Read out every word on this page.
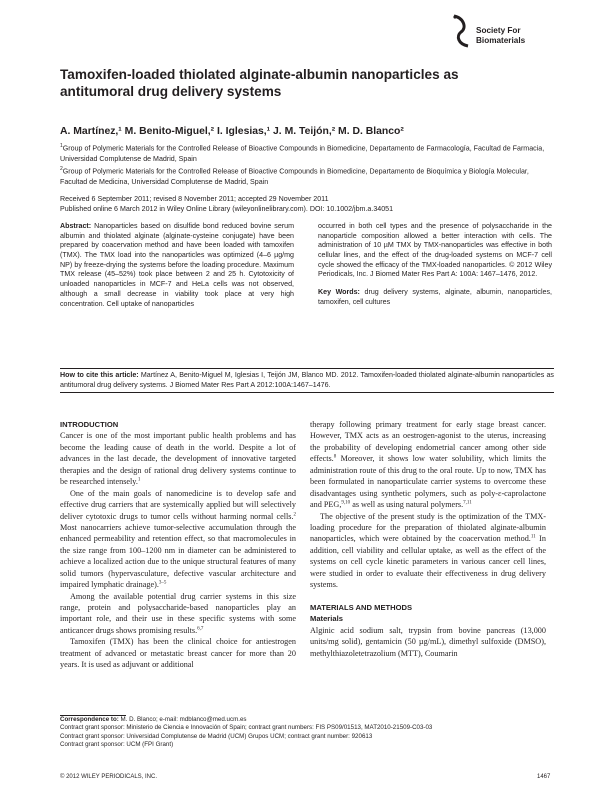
Society For
Biomaterials
Tamoxifen-loaded thiolated alginate-albumin nanoparticles as antitumoral drug delivery systems
A. Martínez,¹ M. Benito-Miguel,² I. Iglesias,¹ J. M. Teijón,² M. D. Blanco²
$^1$Group of Polymeric Materials for the Controlled Release of Bioactive Compounds in Biomedicine, Departamento de Farmacología, Facultad de Farmacia, Universidad Complutense de Madrid, Spain
$^2$Group of Polymeric Materials for the Controlled Release of Bioactive Compounds in Biomedicine, Departamento de Bioquímica y Biología Molecular, Facultad de Medicina, Universidad Complutense de Madrid, Spain
Received 6 September 2011; revised 8 November 2011; accepted 29 November 2011
Published online 6 March 2012 in Wiley Online Library (wileyonlinelibrary.com). DOI: 10.1002/jbm.a.34051
Abstract: Nanoparticles based on disulfide bond reduced bovine serum albumin and thiolated alginate (alginate-cysteine conjugate) have been prepared by coacervation method and have been loaded with tamoxifen (TMX). The TMX load into the nanoparticles was optimized (4–6 µg/mg NP) by freeze-drying the systems before the loading procedure. Maximum TMX release (45–52%) took place between 2 and 25 h. Cytotoxicity of unloaded nanoparticles in MCF-7 and HeLa cells was not observed, although a small decrease in viability took place at very high concentration. Cell uptake of nanoparticles
occurred in both cell types and the presence of polysaccharide in the nanoparticle composition allowed a better interaction with cells. The administration of 10 µM TMX by TMX-nanoparticles was effective in both cellular lines, and the effect of the drug-loaded systems on MCF-7 cell cycle showed the efficacy of the TMX-loaded nanoparticles. © 2012 Wiley Periodicals, Inc. J Biomed Mater Res Part A: 100A: 1467–1476, 2012.
Key Words: drug delivery systems, alginate, albumin, nanoparticles, tamoxifen, cell cultures
How to cite this article: Martínez A, Benito-Miguel M, Iglesias I, Teijón JM, Blanco MD. 2012. Tamoxifen-loaded thiolated alginate-albumin nanoparticles as antitumoral drug delivery systems. J Biomed Mater Res Part A 2012:100A:1467–1476.

INTRODUCTION

Cancer is one of the most important public health problems and has become the leading cause of death in the world. Despite a lot of advances in the last decade, the development of innovative targeted therapies and the design of rational drug delivery systems continue to be researched intensely.$^1$

One of the main goals of nanomedicine is to develop safe and effective drug carriers that are systemically applied but will selectively deliver cytotoxic drugs to tumor cells without harming normal cells.$^2$ Most nanocarriers achieve tumor-selective accumulation through the enhanced permeability and retention effect, so that macromolecules in the size range from 100–1200 nm in diameter can be administered to achieve a localized action due to the unique structural features of many solid tumors (hypervasculature, defective vascular architecture and impaired lymphatic drainage).$^{3-5}$

Among the available potential drug carrier systems in this size range, protein and polysaccharide-based nanoparticles play an important role, and their use in these specific systems with some anticancer drugs shows promising results.$^{6,7}$

Tamoxifen (TMX) has been the clinical choice for antiestrogen treatment of advanced or metastatic breast cancer for more than 20 years. It is used as adjuvant or additional

therapy following primary treatment for early stage breast cancer. However, TMX acts as an oestrogen-agonist to the uterus, increasing the probability of developing endometrial cancer among other side effects.$^8$ Moreover, it shows low water solubility, which limits the administration route of this drug to the oral route. Up to now, TMX has been formulated in nanoparticulate carrier systems to overcome these disadvantages using synthetic polymers, such as poly-ε-caprolactone and PEG,$^{9,10}$ as well as using natural polymers.$^{7,11}$

The objective of the present study is the optimization of the TMX-loading procedure for the preparation of thiolated alginate-albumin nanoparticles, which were obtained by the coacervation method.$^{11}$ In addition, cell viability and cellular uptake, as well as the effect of the systems on cell cycle kinetic parameters in various cancer cell lines, were studied in order to evaluate their effectiveness in drug delivery systems.

MATERIALS AND METHODS

Materials

Alginic acid sodium salt, trypsin from bovine pancreas (13,000 units/mg solid), gentamicin (50 µg/mL), dimethyl sulfoxide (DMSO), methylthiazoletetrazolium (MTT), Coumarin

Correspondence to: M. D. Blanco; e-mail: mdblanco@med.ucm.es
Contract grant sponsor: Ministerio de Ciencia e Innovación of Spain; contract grant numbers: FIS PS09/01513, MAT2010-21509-C03-03
Contract grant sponsor: Universidad Complutense de Madrid (UCM) Grupos UCM; contract grant number: 920613
Contract grant sponsor: UCM (FPI Grant)
© 2012 WILEY PERIODICALS, INC.	1467
